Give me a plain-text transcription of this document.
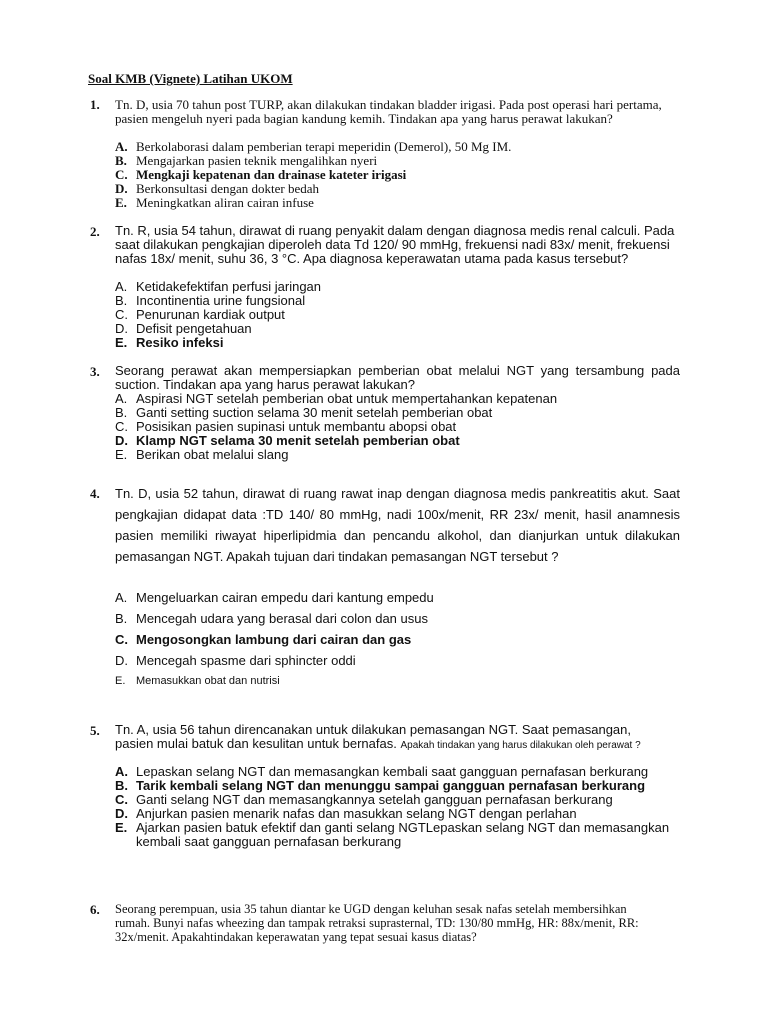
Soal KMB (Vignete) Latihan UKOM
1. Tn. D, usia 70 tahun post TURP, akan dilakukan tindakan bladder irigasi. Pada post operasi hari pertama, pasien mengeluh nyeri pada bagian kandung kemih. Tindakan apa yang harus perawat lakukan?
A. Berkolaborasi dalam pemberian terapi meperidin (Demerol), 50 Mg IM.
B. Mengajarkan pasien teknik mengalihkan nyeri
C. Mengkaji kepatenan dan drainase kateter irigasi
D. Berkonsultasi dengan dokter bedah
E. Meningkatkan aliran cairan infuse
2. Tn. R, usia 54 tahun, dirawat di ruang penyakit dalam dengan diagnosa medis renal calculi. Pada saat dilakukan pengkajian diperoleh data Td 120/ 90 mmHg, frekuensi nadi 83x/ menit, frekuensi nafas 18x/ menit, suhu 36, 3 °C. Apa diagnosa keperawatan utama pada kasus tersebut?
A. Ketidakefektifan perfusi jaringan
B. Incontinentia urine fungsional
C. Penurunan kardiak output
D. Defisit pengetahuan
E. Resiko infeksi
3. Seorang perawat akan mempersiapkan pemberian obat melalui NGT yang tersambung pada suction. Tindakan apa yang harus perawat lakukan?
A. Aspirasi NGT setelah pemberian obat untuk mempertahankan kepatenan
B. Ganti setting suction selama 30 menit setelah pemberian obat
C. Posisikan pasien supinasi untuk membantu abopsi obat
D. Klamp NGT selama 30 menit setelah pemberian obat
E. Berikan obat melalui slang
4. Tn. D, usia 52 tahun, dirawat di ruang rawat inap dengan diagnosa medis pankreatitis akut. Saat pengkajian didapat data :TD 140/ 80 mmHg, nadi 100x/menit, RR 23x/ menit, hasil anamnesis pasien memiliki riwayat hiperlipidmia dan pencandu alkohol, dan dianjurkan untuk dilakukan pemasangan NGT. Apakah tujuan dari tindakan pemasangan NGT tersebut ?
A. Mengeluarkan cairan empedu dari kantung empedu
B. Mencegah udara yang berasal dari colon dan usus
C. Mengosongkan lambung dari cairan dan gas
D. Mencegah spasme dari sphincter oddi
E. Memasukkan obat dan nutrisi
5. Tn. A, usia 56 tahun direncanakan untuk dilakukan pemasangan NGT. Saat pemasangan, pasien mulai batuk dan kesulitan untuk bernafas. Apakah tindakan yang harus dilakukan oleh perawat ?
A. Lepaskan selang NGT dan memasangkan kembali saat gangguan pernafasan berkurang
B. Tarik kembali selang NGT dan menunggu sampai gangguan pernafasan berkurang
C. Ganti selang NGT dan memasangkannya setelah gangguan pernafasan berkurang
D. Anjurkan pasien menarik nafas dan masukkan selang NGT dengan perlahan
E. Ajarkan pasien batuk efektif dan ganti selang NGTLepaskan selang NGT dan memasangkan kembali saat gangguan pernafasan berkurang
6. Seorang perempuan, usia 35 tahun diantar ke UGD dengan keluhan sesak nafas setelah membersihkan rumah. Bunyi nafas wheezing dan tampak retraksi suprasternal, TD: 130/80 mmHg, HR: 88x/menit, RR: 32x/menit. Apakahtindakan keperawatan yang tepat sesuai kasus diatas?
